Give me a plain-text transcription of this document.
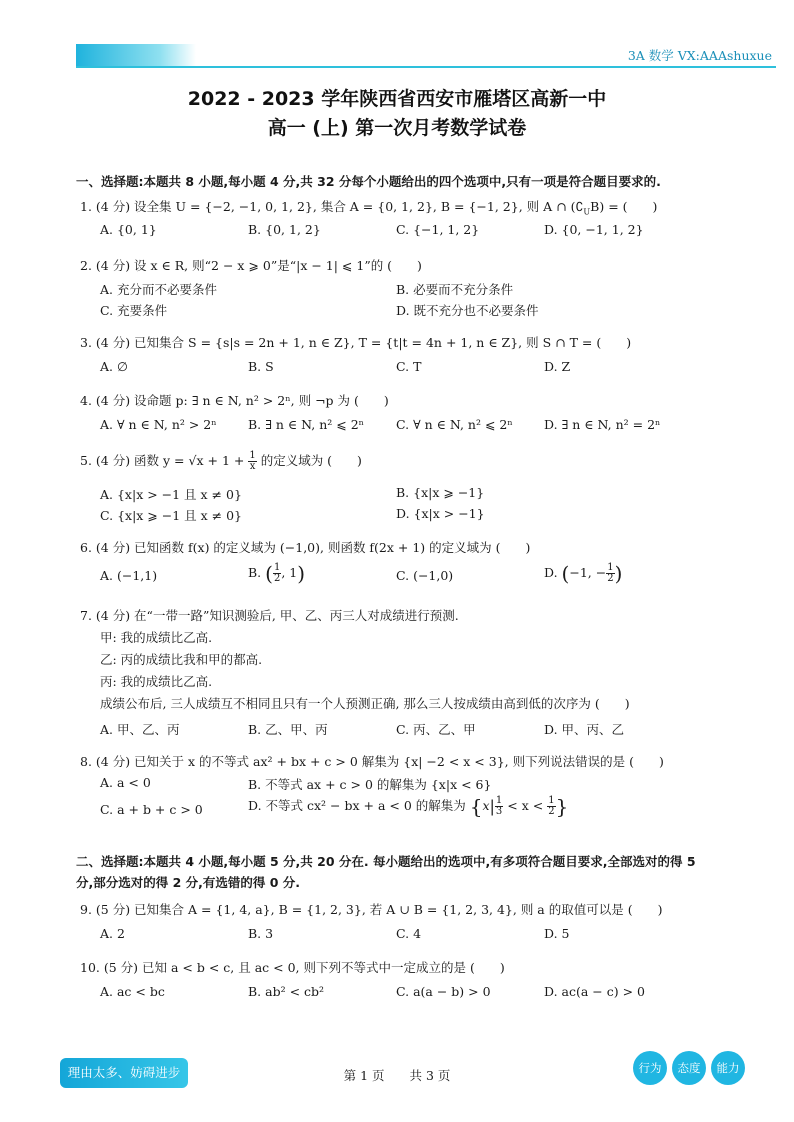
3A 数学 VX:AAAshuxue
2022 - 2023 学年陕西省西安市雁塔区高新一中
高一 (上) 第一次月考数学试卷
一、选择题:本题共 8 小题,每小题 4 分,共 32 分每个小题给出的四个选项中,只有一项是符合题目要求的.
1. (4 分) 设全集 U = {−2, −1, 0, 1, 2}, 集合 A = {0, 1, 2}, B = {−1, 2}, 则 A ∩ $(∁_UB)$ = (　　)
A. {0, 1}	B. {0, 1, 2}	C. {−1, 1, 2}	D. {0, −1, 1, 2}
2. (4 分) 设 x ∈ R, 则“2 − x ⩾ 0”是“|x − 1| ⩽ 1”的 (　　)
A. 充分而不必要条件	B. 必要而不充分条件
C. 充要条件	D. 既不充分也不必要条件
3. (4 分) 已知集合 S = {s|s = 2n + 1, n ∈ Z}, T = {t|t = 4n + 1, n ∈ Z}, 则 S ∩ T = (　　)
A. ∅	B. S	C. T	D. Z
4. (4 分) 设命题 p: ∃ n ∈ N, n² > 2ⁿ, 则 ¬p 为 (　　)
A. ∀ n ∈ N, n² > 2ⁿ	B. ∃ n ∈ N, n² ⩽ 2ⁿ	C. ∀ n ∈ N, n² ⩽ 2ⁿ D. ∃ n ∈ N, n² = 2ⁿ
5. (4 分) 函数 $y = √x + 1 + \frac{1}{x}$ 的定义域为 (　　)
A. {x|x > −1 且 x ≠ 0}	B. {x|x ⩾ −1}
C. {x|x ⩾ −1 且 x ≠ 0}	D. {x|x > −1}
6. (4 分) 已知函数 f(x) 的定义域为 (−1,0), 则函数 f(2x + 1) 的定义域为 (　　)
A. (−1,1)	B. ( $\frac{1}{2}$ , 1)	C. (−1,0)	D. (−1, − $\frac{1}{2}$ )
7. (4 分) 在“一带一路”知识测验后, 甲、乙、丙三人对成绩进行预测.
甲: 我的成绩比乙高.
乙: 丙的成绩比我和甲的都高.
丙: 我的成绩比乙高.
成绩公布后, 三人成绩互不相同且只有一个人预测正确, 那么三人按成绩由高到低的次序为 (　　)
A. 甲、乙、丙	B. 乙、甲、丙	C. 丙、乙、甲	D. 甲、丙、乙
8. (4 分) 已知关于 x 的不等式 ax² + bx + c > 0 解集为 {x| −2 < x < 3}, 则下列说法错误的是 (　　)
A. a < 0	B. 不等式 ax + c > 0 的解集为 {x|x < 6}
C. a + b + c > 0	D. 不等式 cx² − bx + a < 0 的解集为 {$x| \frac{1}{3} < x < \frac{1}{2}$ }
二、选择题:本题共 4 小题,每小题 5 分,共 20 分在. 每小题给出的选项中,有多项符合题目要求,全部选对的得 5 分,部分选对的得 2 分,有选错的得 0 分.
9. (5 分) 已知集合 A = {1, 4, a}, B = {1, 2, 3}, 若 A ∪ B = {1, 2, 3, 4}, 则 a 的取值可以是 (　　)
A. 2	B. 3	C. 4	D. 5
10. (5 分) 已知 a < b < c, 且 ac < 0, 则下列不等式中一定成立的是 (　　)
A. ac < bc	B. ab² < cb²	C. a(a − b) > 0	D. ac(a − c) > 0
理由太多、妨碍进步	第 1 页　　共 3 页	行为	态度	能力
